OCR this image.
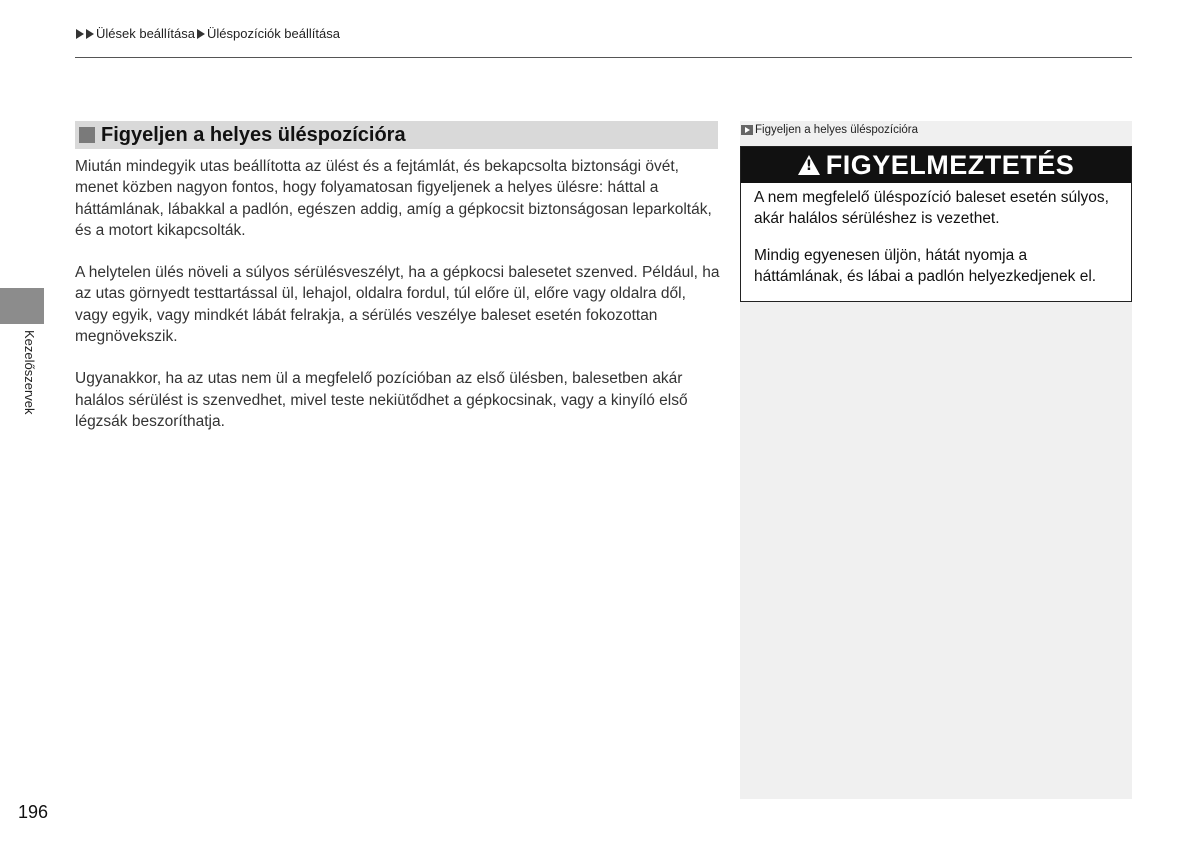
Ülések beállítása Üléspozíciók beállítása
Figyeljen a helyes üléspozícióra

Miután mindegyik utas beállította az ülést és a fejtámlát, és bekapcsolta biztonsági övét, menet közben nagyon fontos, hogy folyamatosan figyeljenek a helyes ülésre: háttal a háttámlának, lábakkal a padlón, egészen addig, amíg a gépkocsit biztonságosan leparkolták, és a motort kikapcsolták.

A helytelen ülés növeli a súlyos sérülésveszélyt, ha a gépkocsi balesetet szenved. Például, ha az utas görnyedt testtartással ül, lehajol, oldalra fordul, túl előre ül, előre vagy oldalra dől, vagy egyik, vagy mindkét lábát felrakja, a sérülés veszélye baleset esetén fokozottan megnövekszik.

Ugyanakkor, ha az utas nem ül a megfelelő pozícióban az első ülésben, balesetben akár halálos sérülést is szenvedhet, mivel teste nekiütődhet a gépkocsinak, vagy a kinyíló első légzsák beszoríthatja.

Figyeljen a helyes üléspozícióra
!
FIGYELMEZTETÉS

A nem megfelelő üléspozíció baleset esetén súlyos, akár halálos sérüléshez is vezethet.

Mindig egyenesen üljön, hátát nyomja a háttámlának, és lábai a padlón helyezkedjenek el.

Kezelőszervek
196
